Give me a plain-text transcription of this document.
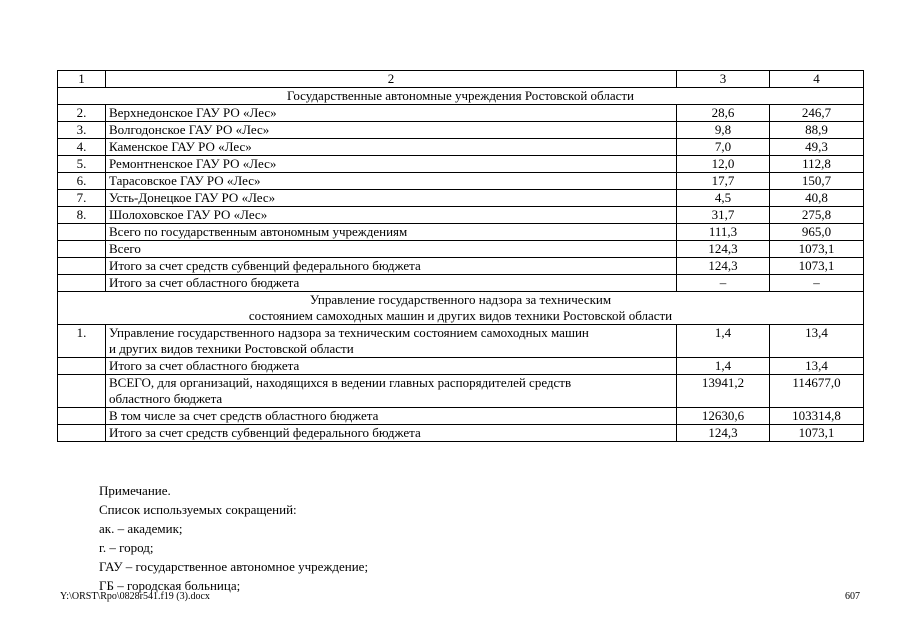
1	2	3	4
Государственные автономные учреждения Ростовской области			
2.	Верхнедонское ГАУ РО «Лес»	28,6	246,7
3.	Волгодонское ГАУ РО «Лес»	9,8	88,9
4.	Каменское ГАУ РО «Лес»	7,0	49,3
5.	Ремонтненское ГАУ РО «Лес»	12,0	112,8
6.	Тарасовское ГАУ РО «Лес»	17,7	150,7
7.	Усть-Донецкое ГАУ РО «Лес»	4,5	40,8
8.	Шолоховское ГАУ РО «Лес»	31,7	275,8
	Всего по государственным автономным учреждениям	111,3	965,0
	Всего	124,3	1073,1
	Итого за счет средств субвенций федерального бюджета	124,3	1073,1
	Итого за счет областного бюджета	–	–

Управление государственного надзора за техническим
состоянием самоходных машин и других видов техники Ростовской области			

1.	Управление государственного надзора за техническим состоянием самоходных машин
и других видов техники Ростовской области	1,4	13,4
	Итого за счет областного бюджета	1,4	13,4

	ВСЕГО, для организаций, находящихся в ведении главных распорядителей средств
областного бюджета	13941,2	114677,0
	В том числе за счет средств областного бюджета	12630,6	103314,8
	Итого за счет средств субвенций федерального бюджета	124,3	1073,1
Примечание.
Список используемых сокращений:
ак. – академик;
г. – город;
ГАУ – государственное автономное учреждение;
ГБ – городская больница;
Y:\ORST\Rpo\0828r541.f19 (3).docx	607
